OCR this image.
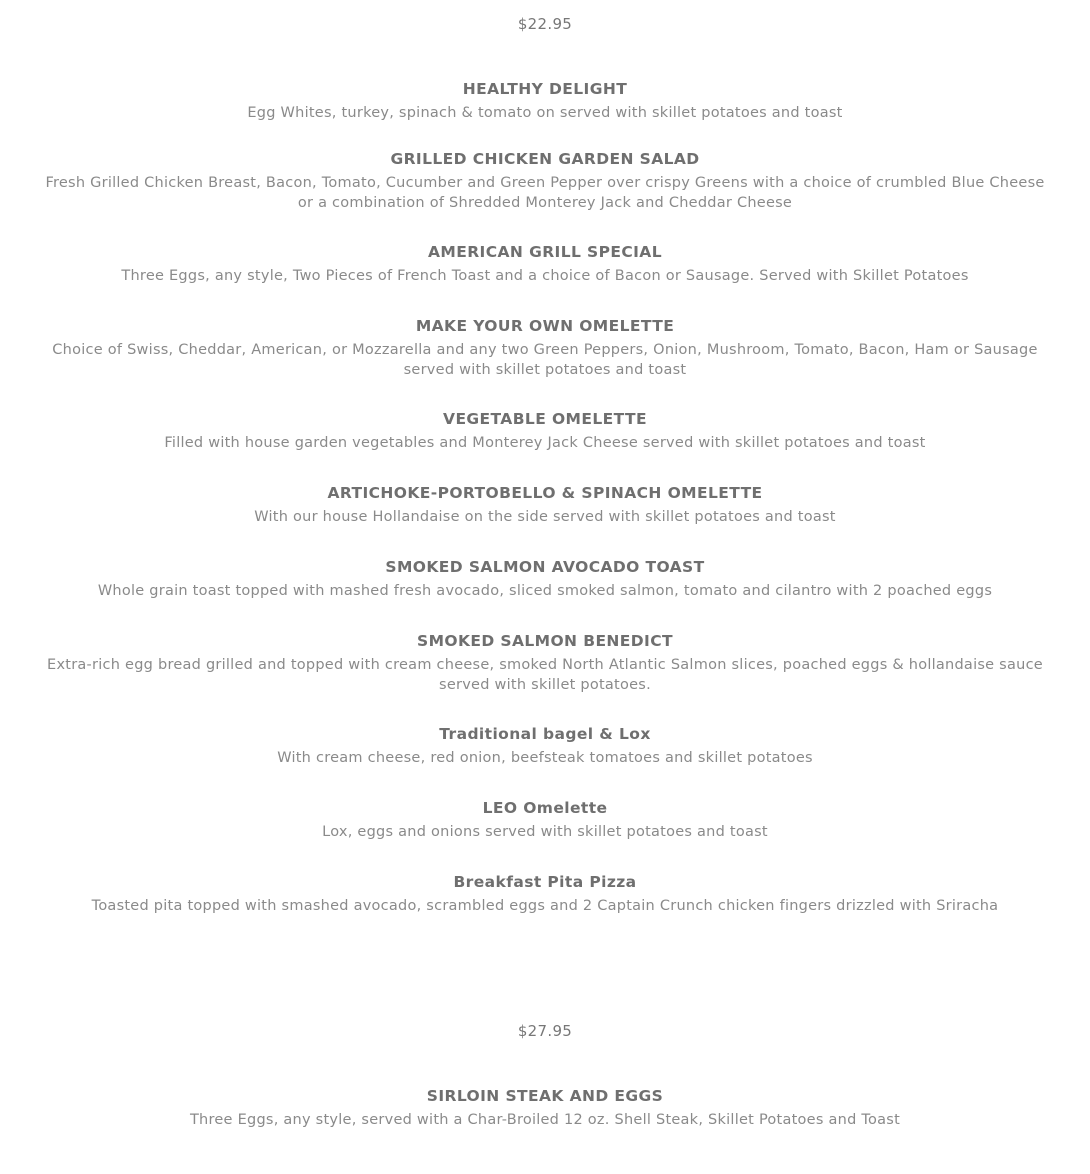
$22.95
HEALTHY DELIGHT
Egg Whites, turkey, spinach & tomato on served with skillet potatoes and toast
GRILLED CHICKEN GARDEN SALAD
Fresh Grilled Chicken Breast, Bacon, Tomato, Cucumber and Green Pepper over crispy Greens with a choice of crumbled Blue Cheese or a combination of Shredded Monterey Jack and Cheddar Cheese
AMERICAN GRILL SPECIAL
Three Eggs, any style, Two Pieces of French Toast and a choice of Bacon or Sausage. Served with Skillet Potatoes
MAKE YOUR OWN OMELETTE
Choice of Swiss, Cheddar, American, or Mozzarella and any two Green Peppers, Onion, Mushroom, Tomato, Bacon, Ham or Sausage served with skillet potatoes and toast
VEGETABLE OMELETTE
Filled with house garden vegetables and Monterey Jack Cheese served with skillet potatoes and toast
ARTICHOKE-PORTOBELLO & SPINACH OMELETTE
With our house Hollandaise on the side served with skillet potatoes and toast
SMOKED SALMON AVOCADO TOAST
Whole grain toast topped with mashed fresh avocado, sliced smoked salmon, tomato and cilantro with 2 poached eggs
SMOKED SALMON BENEDICT
Extra-rich egg bread grilled and topped with cream cheese, smoked North Atlantic Salmon slices, poached eggs & hollandaise sauce served with skillet potatoes.
Traditional bagel & Lox
With cream cheese, red onion, beefsteak tomatoes and skillet potatoes
LEO Omelette
Lox, eggs and onions served with skillet potatoes and toast
Breakfast Pita Pizza
Toasted pita topped with smashed avocado, scrambled eggs and 2 Captain Crunch chicken fingers drizzled with Sriracha
$27.95
SIRLOIN STEAK AND EGGS
Three Eggs, any style, served with a Char-Broiled 12 oz. Shell Steak, Skillet Potatoes and Toast
